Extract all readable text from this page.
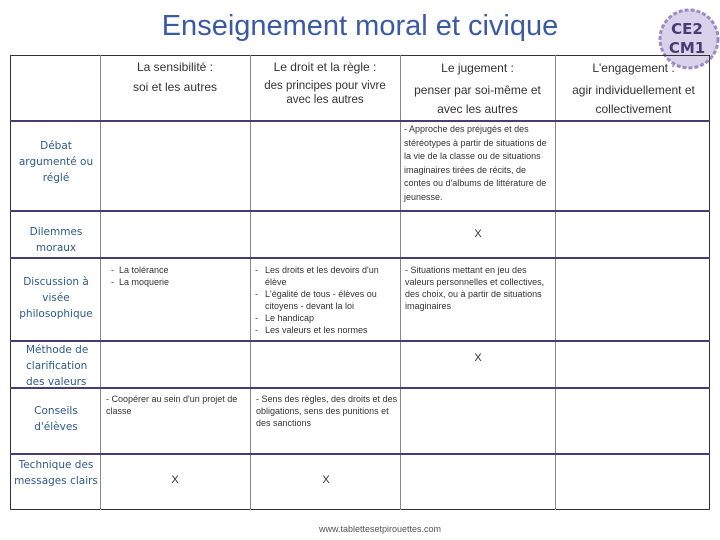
Enseignement moral et civique	CE2
CM1
La sensibilité :
soi et les autres
Le droit et la règle :
des principes pour vivre avec les autres
Le jugement :
penser par soi-même et avec les autres
L'engagement :
agir individuellement et collectivement
Débat argumenté ou réglé
Dilemmes moraux
Discussion à visée philosophique
Méthode de clarification des valeurs
Conseils d'élèves
Technique des messages clairs
- Approche des préjugés et des stéréotypes à partir de situations de la vie de la classe ou de situations imaginaires tirées de récits, de contes ou d'albums de littérature de jeunesse.
X
- La tolérance
- La moquerie
- Les droits et les devoirs d'un élève
- L'égalité de tous - élèves ou citoyens - devant la loi
- Le handicap
- Les valeurs et les normes
- Situations mettant en jeu des valeurs personnelles et collectives, des choix, ou à partir de situations imaginaires
X
- Coopérer au sein d'un projet de classe
- Sens des règles, des droits et des obligations, sens des punitions et des sanctions
X	X
www.tablettesetpirouettes.com
